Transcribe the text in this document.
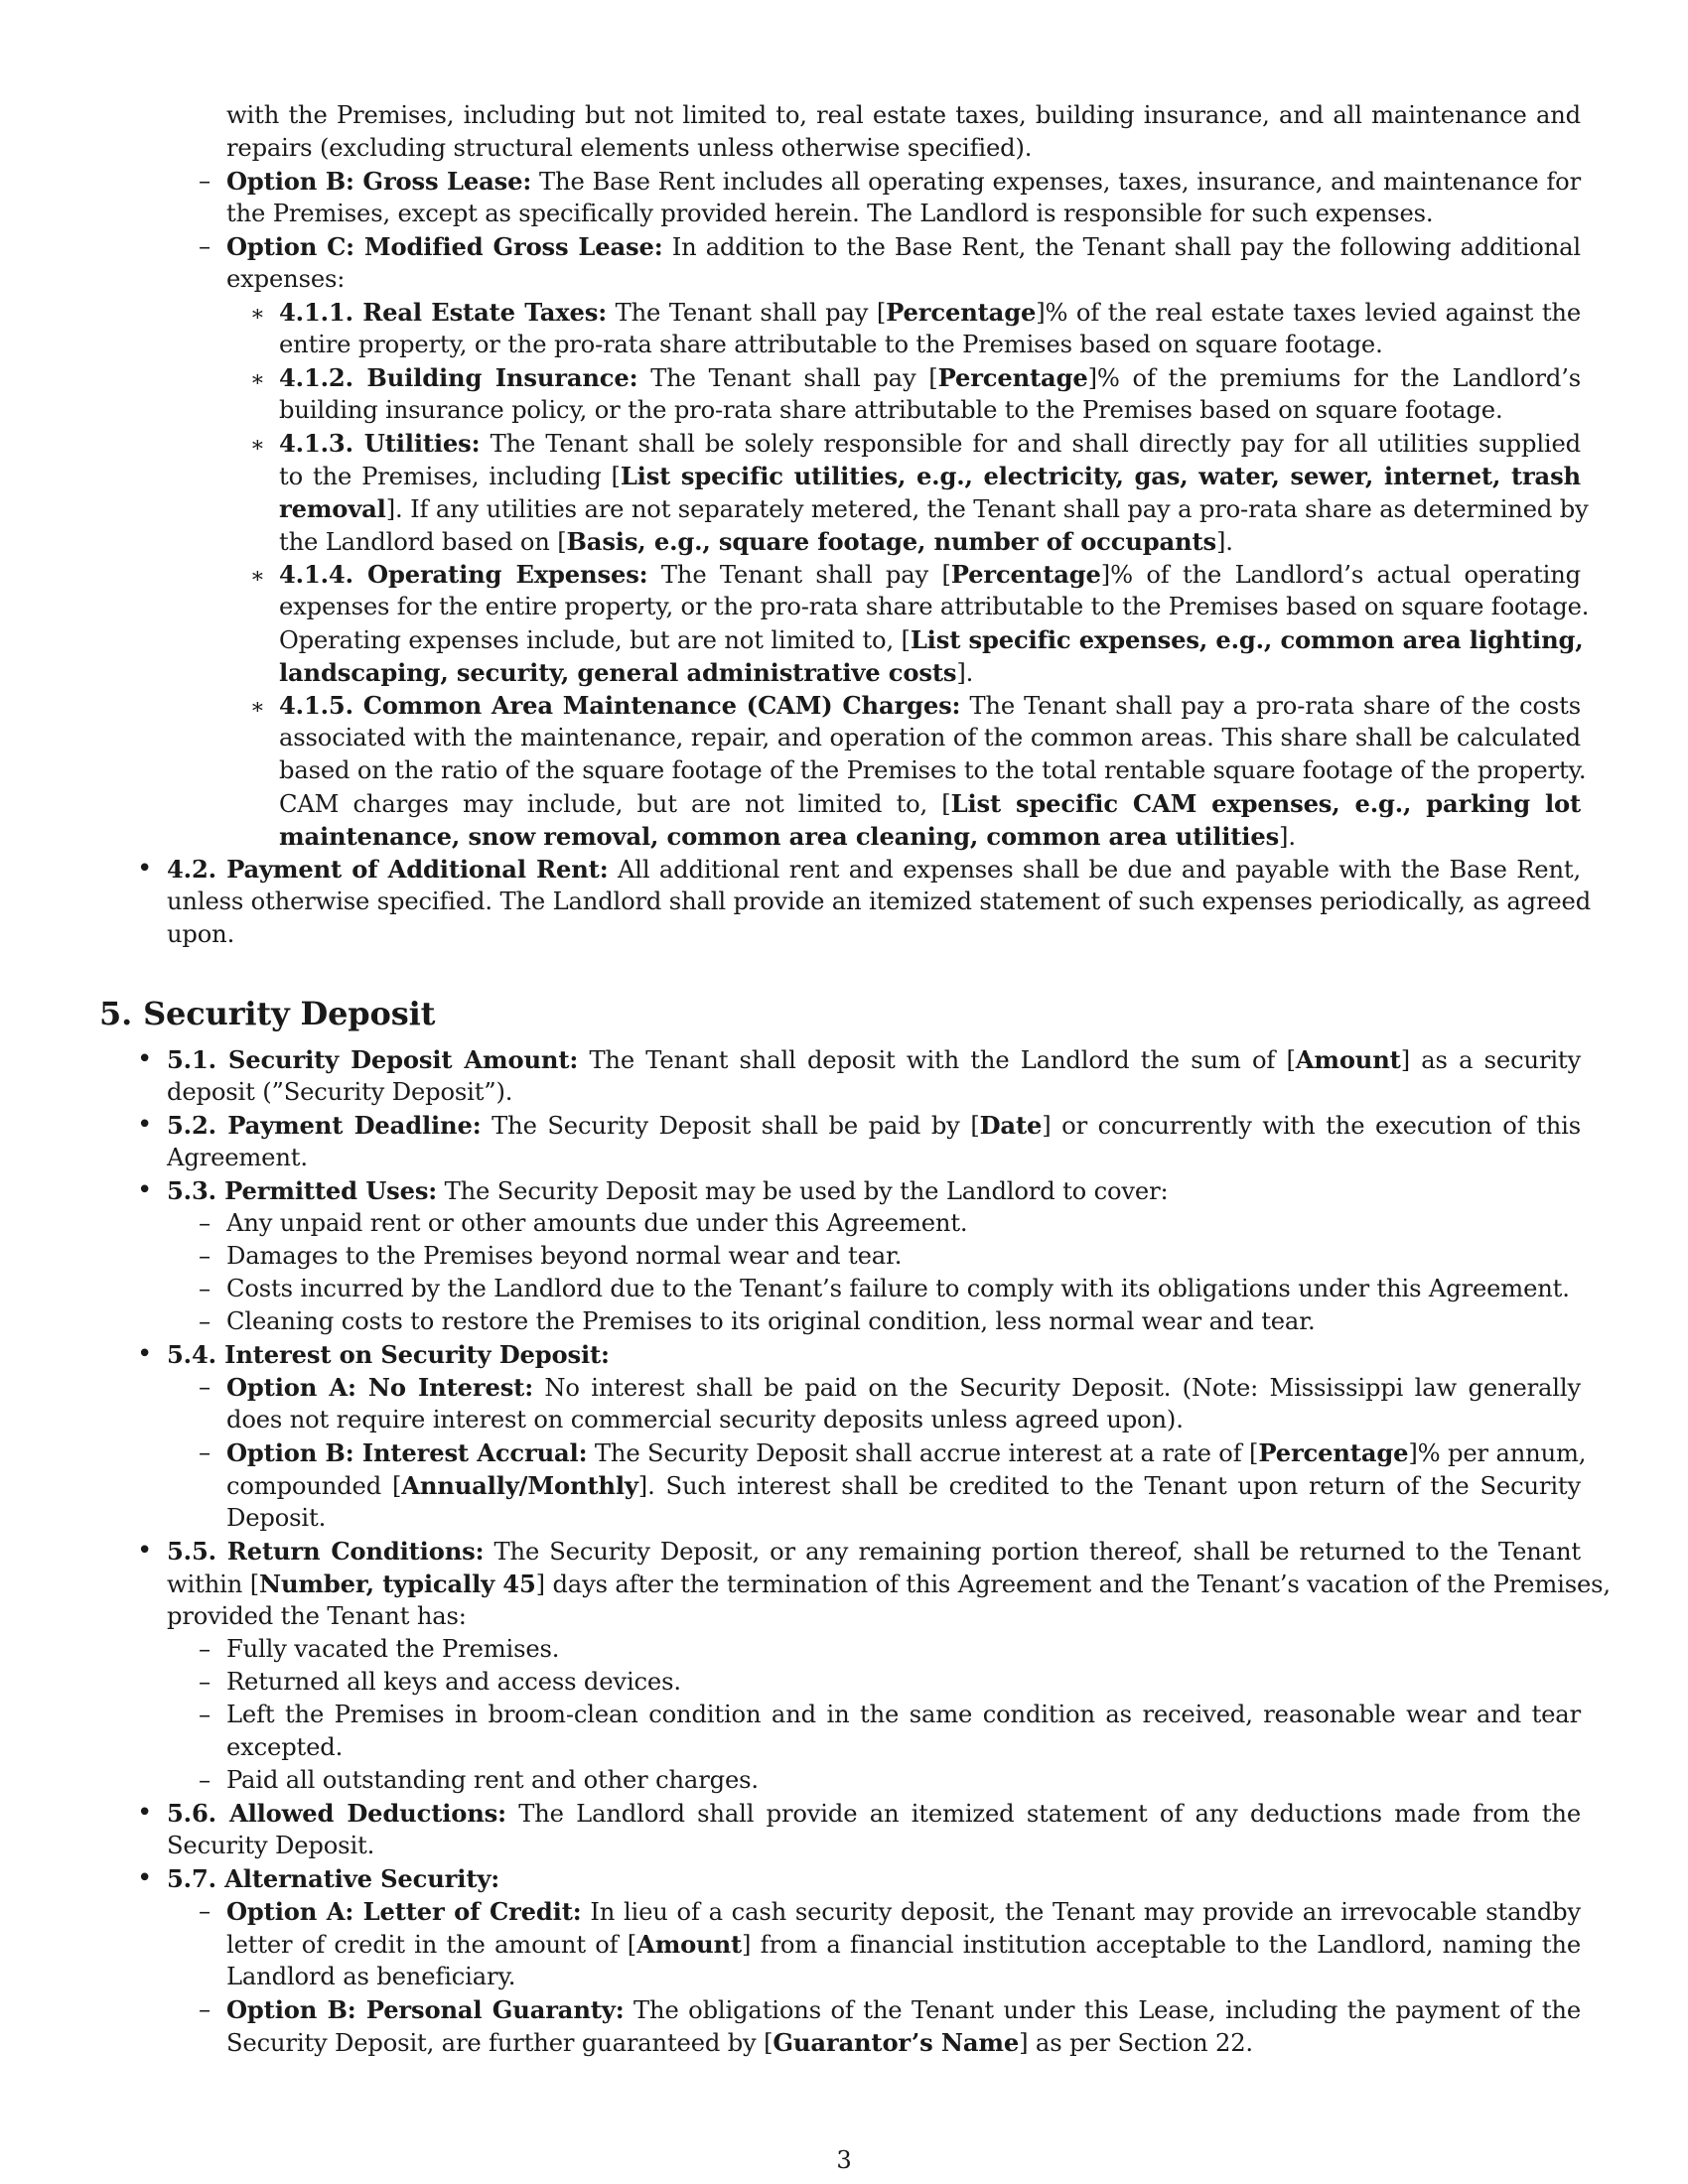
with the Premises, including but not limited to, real estate taxes, building insurance, and all maintenance and

repairs (excluding structural elements unless otherwise specified).

– Option B: Gross Lease: The Base Rent includes all operating expenses, taxes, insurance, and maintenance for

the Premises, except as specifically provided herein. The Landlord is responsible for such expenses.

– Option C: Modified Gross Lease: In addition to the Base Rent, the Tenant shall pay the following additional

expenses:

∗ 4.1.1. Real Estate Taxes: The Tenant shall pay [Percentage]% of the real estate taxes levied against the

entire property, or the pro-rata share attributable to the Premises based on square footage.

∗ 4.1.2. Building Insurance: The Tenant shall pay [Percentage]% of the premiums for the Landlord’s

building insurance policy, or the pro-rata share attributable to the Premises based on square footage.

∗ 4.1.3. Utilities: The Tenant shall be solely responsible for and shall directly pay for all utilities supplied

to the Premises, including [List specific utilities, e.g., electricity, gas, water, sewer, internet, trash

removal]. If any utilities are not separately metered, the Tenant shall pay a pro-rata share as determined by

the Landlord based on [Basis, e.g., square footage, number of occupants].

∗ 4.1.4. Operating Expenses: The Tenant shall pay [Percentage]% of the Landlord’s actual operating

expenses for the entire property, or the pro-rata share attributable to the Premises based on square footage.

Operating expenses include, but are not limited to, [List specific expenses, e.g., common area lighting,

landscaping, security, general administrative costs].

∗ 4.1.5. Common Area Maintenance (CAM) Charges: The Tenant shall pay a pro-rata share of the costs

associated with the maintenance, repair, and operation of the common areas. This share shall be calculated

based on the ratio of the square footage of the Premises to the total rentable square footage of the property.

CAM charges may include, but are not limited to, [List specific CAM expenses, e.g., parking lot

maintenance, snow removal, common area cleaning, common area utilities].

• 4.2. Payment of Additional Rent: All additional rent and expenses shall be due and payable with the Base Rent,

unless otherwise specified. The Landlord shall provide an itemized statement of such expenses periodically, as agreed

upon.

5. Security Deposit
• 5.1. Security Deposit Amount: The Tenant shall deposit with the Landlord the sum of [Amount] as a security

deposit (”Security Deposit”).

• 5.2. Payment Deadline: The Security Deposit shall be paid by [Date] or concurrently with the execution of this

Agreement.

• 5.3. Permitted Uses: The Security Deposit may be used by the Landlord to cover:

– Any unpaid rent or other amounts due under this Agreement.

– Damages to the Premises beyond normal wear and tear.

– Costs incurred by the Landlord due to the Tenant’s failure to comply with its obligations under this Agreement.

– Cleaning costs to restore the Premises to its original condition, less normal wear and tear.

• 5.4. Interest on Security Deposit:

– Option A: No Interest: No interest shall be paid on the Security Deposit. (Note: Mississippi law generally

does not require interest on commercial security deposits unless agreed upon).

– Option B: Interest Accrual: The Security Deposit shall accrue interest at a rate of [Percentage]% per annum,

compounded [Annually/Monthly]. Such interest shall be credited to the Tenant upon return of the Security

Deposit.

• 5.5. Return Conditions: The Security Deposit, or any remaining portion thereof, shall be returned to the Tenant

within [Number, typically 45] days after the termination of this Agreement and the Tenant’s vacation of the Premises,

provided the Tenant has:

– Fully vacated the Premises.

– Returned all keys and access devices.

– Left the Premises in broom-clean condition and in the same condition as received, reasonable wear and tear

excepted.

– Paid all outstanding rent and other charges.

• 5.6. Allowed Deductions: The Landlord shall provide an itemized statement of any deductions made from the

Security Deposit.

• 5.7. Alternative Security:

– Option A: Letter of Credit: In lieu of a cash security deposit, the Tenant may provide an irrevocable standby

letter of credit in the amount of [Amount] from a financial institution acceptable to the Landlord, naming the

Landlord as beneficiary.

– Option B: Personal Guaranty: The obligations of the Tenant under this Lease, including the payment of the

Security Deposit, are further guaranteed by [Guarantor’s Name] as per Section 22.

3
